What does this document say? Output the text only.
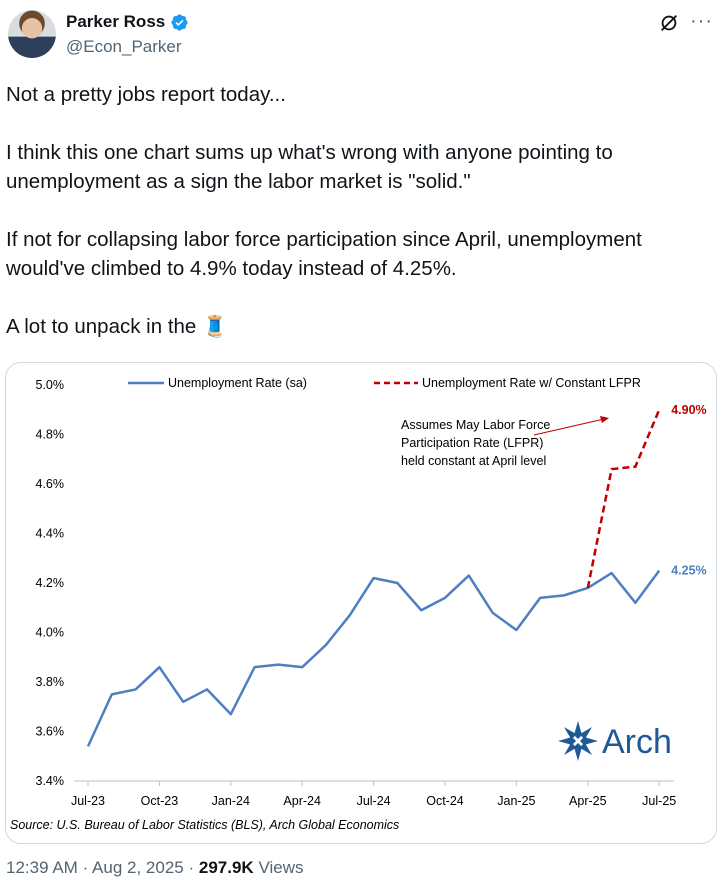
Parker Ross
@Econ_Parker
···

Not a pretty jobs report today...

I think this one chart sums up what's wrong with anyone pointing to

unemployment as a sign the labor market is "solid."

If not for collapsing labor force participation since April, unemployment

would've climbed to 4.9% today instead of 4.25%.

A lot to unpack in the 🧵

5.0%
4.8%
4.6%
4.4%
4.2%
4.0%
3.8%
3.6%
3.4%
Jul-23	Oct-23	Jan-24	Apr-24	Jul-24	Oct-24	Jan-25	Apr-25	Jul-25
Unemployment Rate (sa)	Unemployment Rate w/ Constant LFPR
4.25%
4.90%
Assumes May Labor Force
Participation Rate (LFPR)
held constant at April level
Arch
Source: U.S. Bureau of Labor Statistics (BLS), Arch Global Economics
12:39 AM · Aug 2, 2025 · 297.9K Views
